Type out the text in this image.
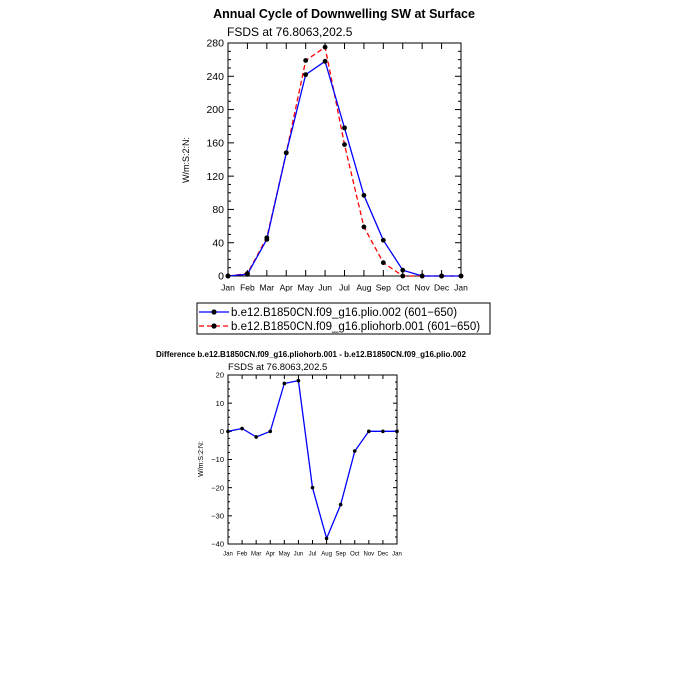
Annual Cycle of Downwelling SW at Surface
FSDS at 76.8063,202.5
W/m:S:2:N:
0
40
80
120
160
200
240
280
Jan Feb Mar Apr May Jun Jul Aug Sep Oct Nov Dec Jan
b.e12.B1850CN.f09_g16.plio.002 (601−650)
b.e12.B1850CN.f09_g16.pliohorb.001 (601−650)
Difference b.e12.B1850CN.f09_g16.pliohorb.001 - b.e12.B1850CN.f09_g16.plio.002
FSDS at 76.8063,202.5
W/m:S:2:N:
20
10
0
−10
−20
−30
−40
Jan Feb Mar Apr May Jun Jul Aug Sep Oct Nov Dec Jan
